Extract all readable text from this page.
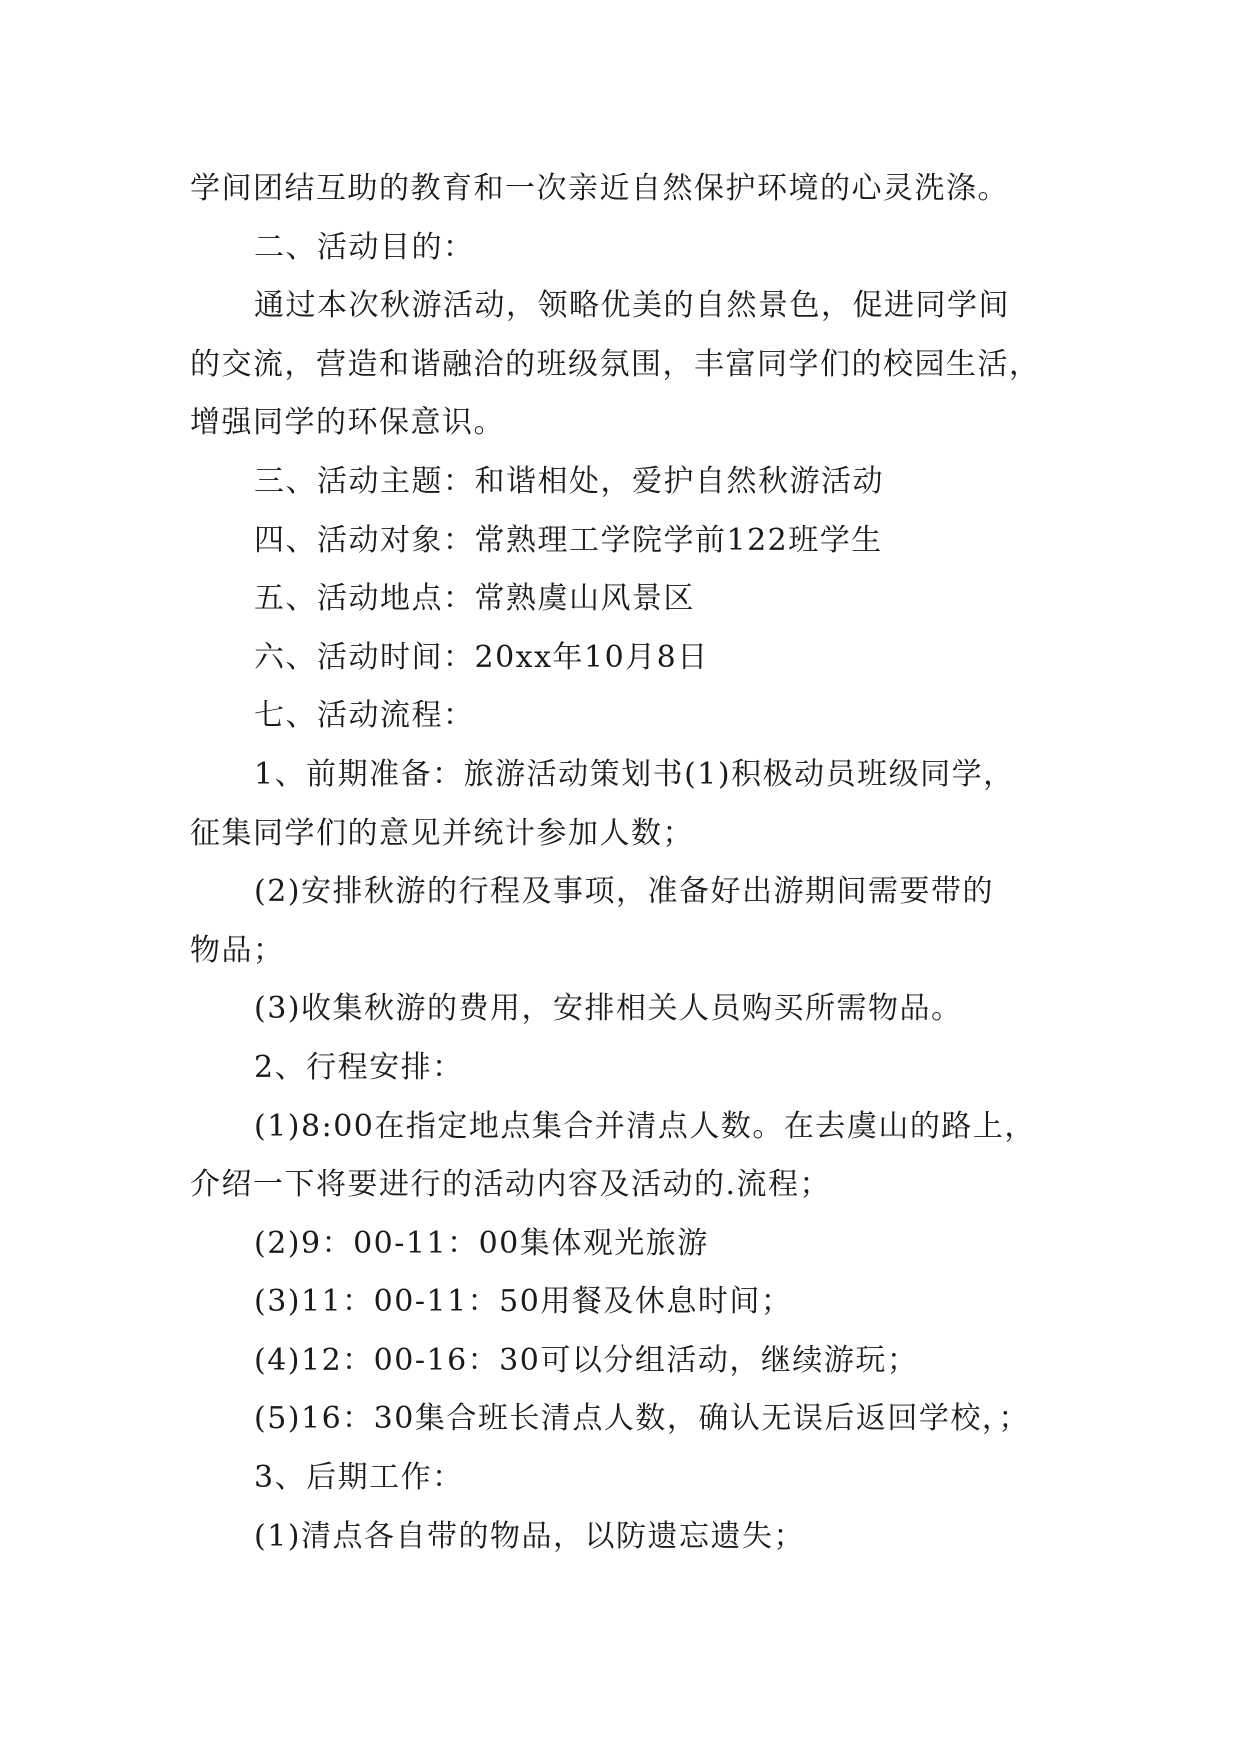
学间团结互助的教育和一次亲近自然保护环境的心灵洗涤。

二、活动目的：

通过本次秋游活动，领略优美的自然景色，促进同学间

的交流，营造和谐融洽的班级氛围，丰富同学们的校园生活，

增强同学的环保意识。

三、活动主题：和谐相处，爱护自然秋游活动

四、活动对象：常熟理工学院学前122班学生

五、活动地点：常熟虞山风景区

六、活动时间：20xx年10月8日

七、活动流程：

1、前期准备：旅游活动策划书(1)积极动员班级同学，

征集同学们的意见并统计参加人数；

(2)安排秋游的行程及事项，准备好出游期间需要带的

物品；

(3)收集秋游的费用，安排相关人员购买所需物品。

2、行程安排：

(1)8:00在指定地点集合并清点人数。在去虞山的路上，

介绍一下将要进行的活动内容及活动的.流程；

(2)9：00-11：00集体观光旅游

(3)11：00-11：50用餐及休息时间；

(4)12：00-16：30可以分组活动，继续游玩；

(5)16：30集合班长清点人数，确认无误后返回学校，；

3、后期工作：

(1)清点各自带的物品，以防遗忘遗失；
